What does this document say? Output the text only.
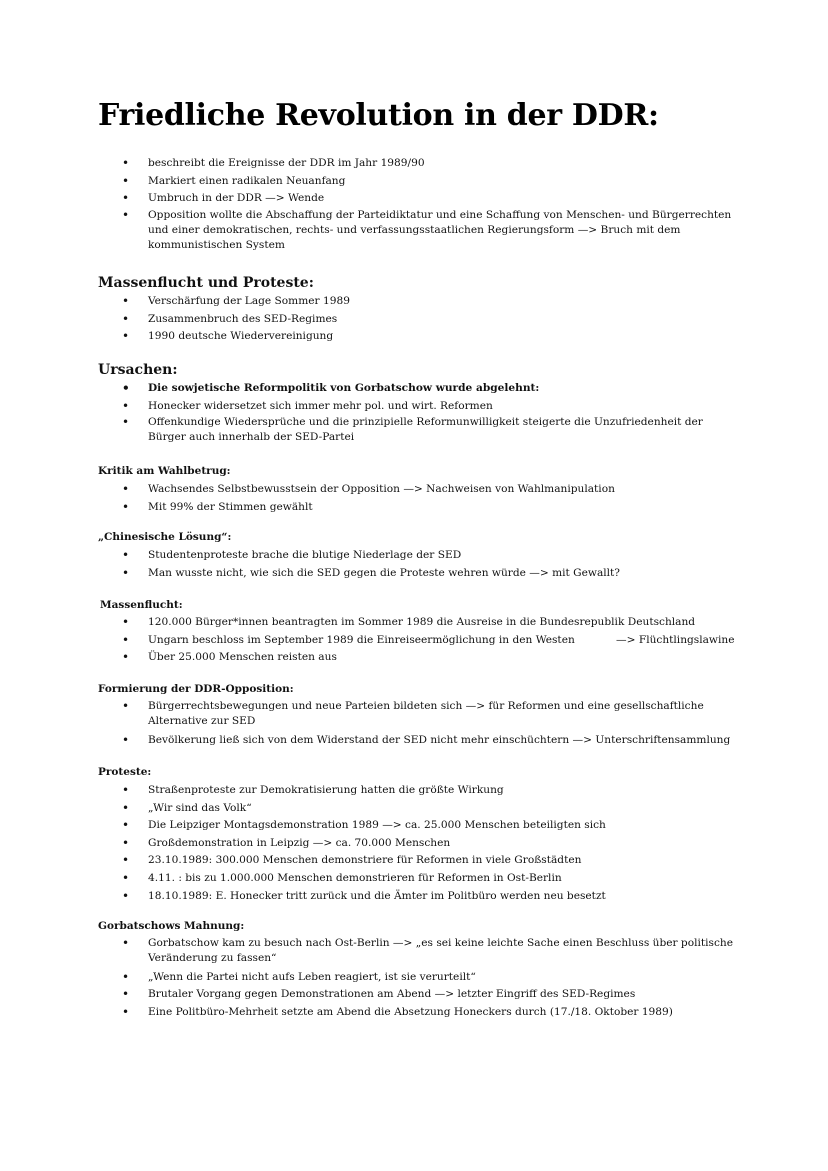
Friedliche Revolution in der DDR:
• beschreibt die Ereignisse der DDR im Jahr 1989/90
• Markiert einen radikalen Neuanfang
• Umbruch in der DDR —> Wende
• Opposition wollte die Abschaffung der Parteidiktatur und eine Schaffung von Menschen- und Bürgerrechten und einer demokratischen, rechts- und verfassungsstaatlichen Regierungsform —> Bruch mit dem kommunistischen System
Massenflucht und Proteste:
• Verschärfung der Lage Sommer 1989
• Zusammenbruch des SED-Regimes
• 1990 deutsche Wiedervereinigung
Ursachen:
• Die sowjetische Reformpolitik von Gorbatschow wurde abgelehnt:
• Honecker widersetzet sich immer mehr pol. und wirt. Reformen
• Offenkundige Wiedersprüche und die prinzipielle Reformunwilligkeit steigerte die Unzufriedenheit der Bürger auch innerhalb der SED-Partei
Kritik am Wahlbetrug:
• Wachsendes Selbstbewusstsein der Opposition —> Nachweisen von Wahlmanipulation
• Mit 99% der Stimmen gewählt
„Chinesische Lösung“:
• Studentenproteste brache die blutige Niederlage der SED
• Man wusste nicht, wie sich die SED gegen die Proteste wehren würde —> mit Gewallt?
Massenflucht:
• 120.000 Bürger*innen beantragten im Sommer 1989 die Ausreise in die Bundesrepublik Deutschland
• Ungarn beschloss im September 1989 die Einreiseermöglichung in den Westen	—> Flüchtlingslawine
• Über 25.000 Menschen reisten aus
Formierung der DDR-Opposition:
• Bürgerrechtsbewegungen und neue Parteien bildeten sich —> für Reformen und eine gesellschaftliche Alternative zur SED
• Bevölkerung ließ sich von dem Widerstand der SED nicht mehr einschüchtern —> Unterschriftensammlung
Proteste:
• Straßenproteste zur Demokratisierung hatten die größte Wirkung
• „Wir sind das Volk“
• Die Leipziger Montagsdemonstration 1989 —> ca. 25.000 Menschen beteiligten sich
• Großdemonstration in Leipzig —> ca. 70.000 Menschen
• 23.10.1989: 300.000 Menschen demonstriere für Reformen in viele Großstädten
• 4.11. : bis zu 1.000.000 Menschen demonstrieren für Reformen in Ost-Berlin
• 18.10.1989: E. Honecker tritt zurück und die Ämter im Politbüro werden neu besetzt
Gorbatschows Mahnung:
• Gorbatschow kam zu besuch nach Ost-Berlin —> „es sei keine leichte Sache einen Beschluss über politische Veränderung zu fassen“
• „Wenn die Partei nicht aufs Leben reagiert, ist sie verurteilt“
• Brutaler Vorgang gegen Demonstrationen am Abend —> letzter Eingriff des SED-Regimes
• Eine Politbüro-Mehrheit setzte am Abend die Absetzung Honeckers durch (17./18. Oktober 1989)
